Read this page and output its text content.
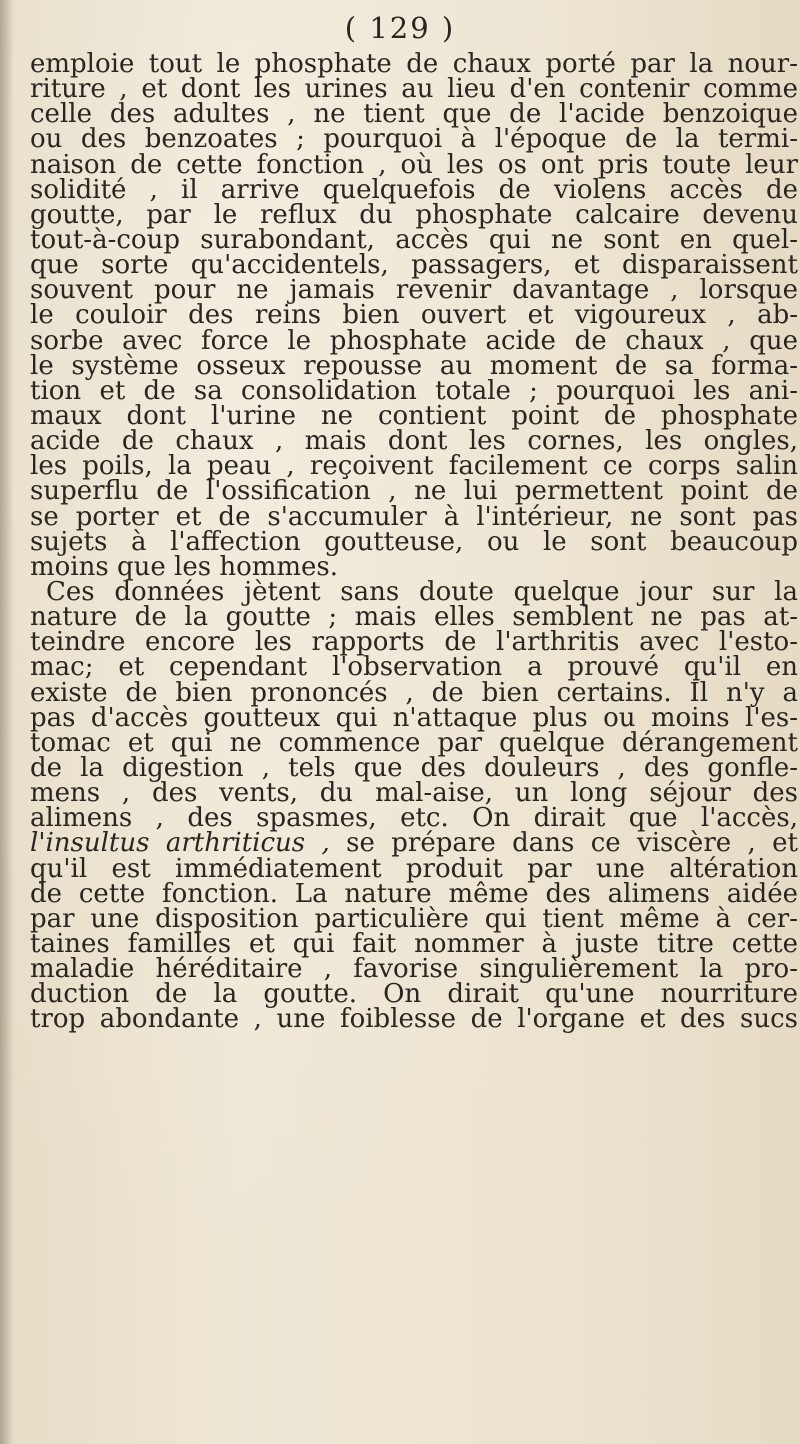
( 129 )
emploie tout le phosphate de chaux porté par la nour-
riture , et dont les urines au lieu d'en contenir comme
celle des adultes , ne tient que de l'acide benzoique
ou des benzoates ; pourquoi à l'époque de la termi-
naison de cette fonction , où les os ont pris toute leur
solidité , il arrive quelquefois de violens accès de
goutte, par le reflux du phosphate calcaire devenu
tout-à-coup surabondant, accès qui ne sont en quel-
que sorte qu'accidentels, passagers, et disparaissent
souvent pour ne jamais revenir davantage , lorsque
le couloir des reins bien ouvert et vigoureux , ab-
sorbe avec force le phosphate acide de chaux , que
le système osseux repousse au moment de sa forma-
tion et de sa consolidation totale ; pourquoi les ani-
maux dont l'urine ne contient point de phosphate
acide de chaux , mais dont les cornes, les ongles,
les poils, la peau , reçoivent facilement ce corps salin
superflu de l'ossification , ne lui permettent point de
se porter et de s'accumuler à l'intérieur, ne sont pas
sujets à l'affection goutteuse, ou le sont beaucoup
moins que les hommes.
Ces données jètent sans doute quelque jour sur la
nature de la goutte ; mais elles semblent ne pas at-
teindre encore les rapports de l'arthritis avec l'esto-
mac; et cependant l'observation a prouvé qu'il en
existe de bien prononcés , de bien certains. Il n'y a
pas d'accès goutteux qui n'attaque plus ou moins l'es-
tomac et qui ne commence par quelque dérangement
de la digestion , tels que des douleurs , des gonfle-
mens , des vents, du mal-aise, un long séjour des
alimens , des spasmes, etc. On dirait que l'accès,
l'insultus arthriticus , se prépare dans ce viscère , et
qu'il est immédiatement produit par une altération
de cette fonction. La nature même des alimens aidée
par une disposition particulière qui tient même à cer-
taines familles et qui fait nommer à juste titre cette
maladie héréditaire , favorise singulièrement la pro-
duction de la goutte. On dirait qu'une nourriture
trop abondante , une foiblesse de l'organe et des sucs
